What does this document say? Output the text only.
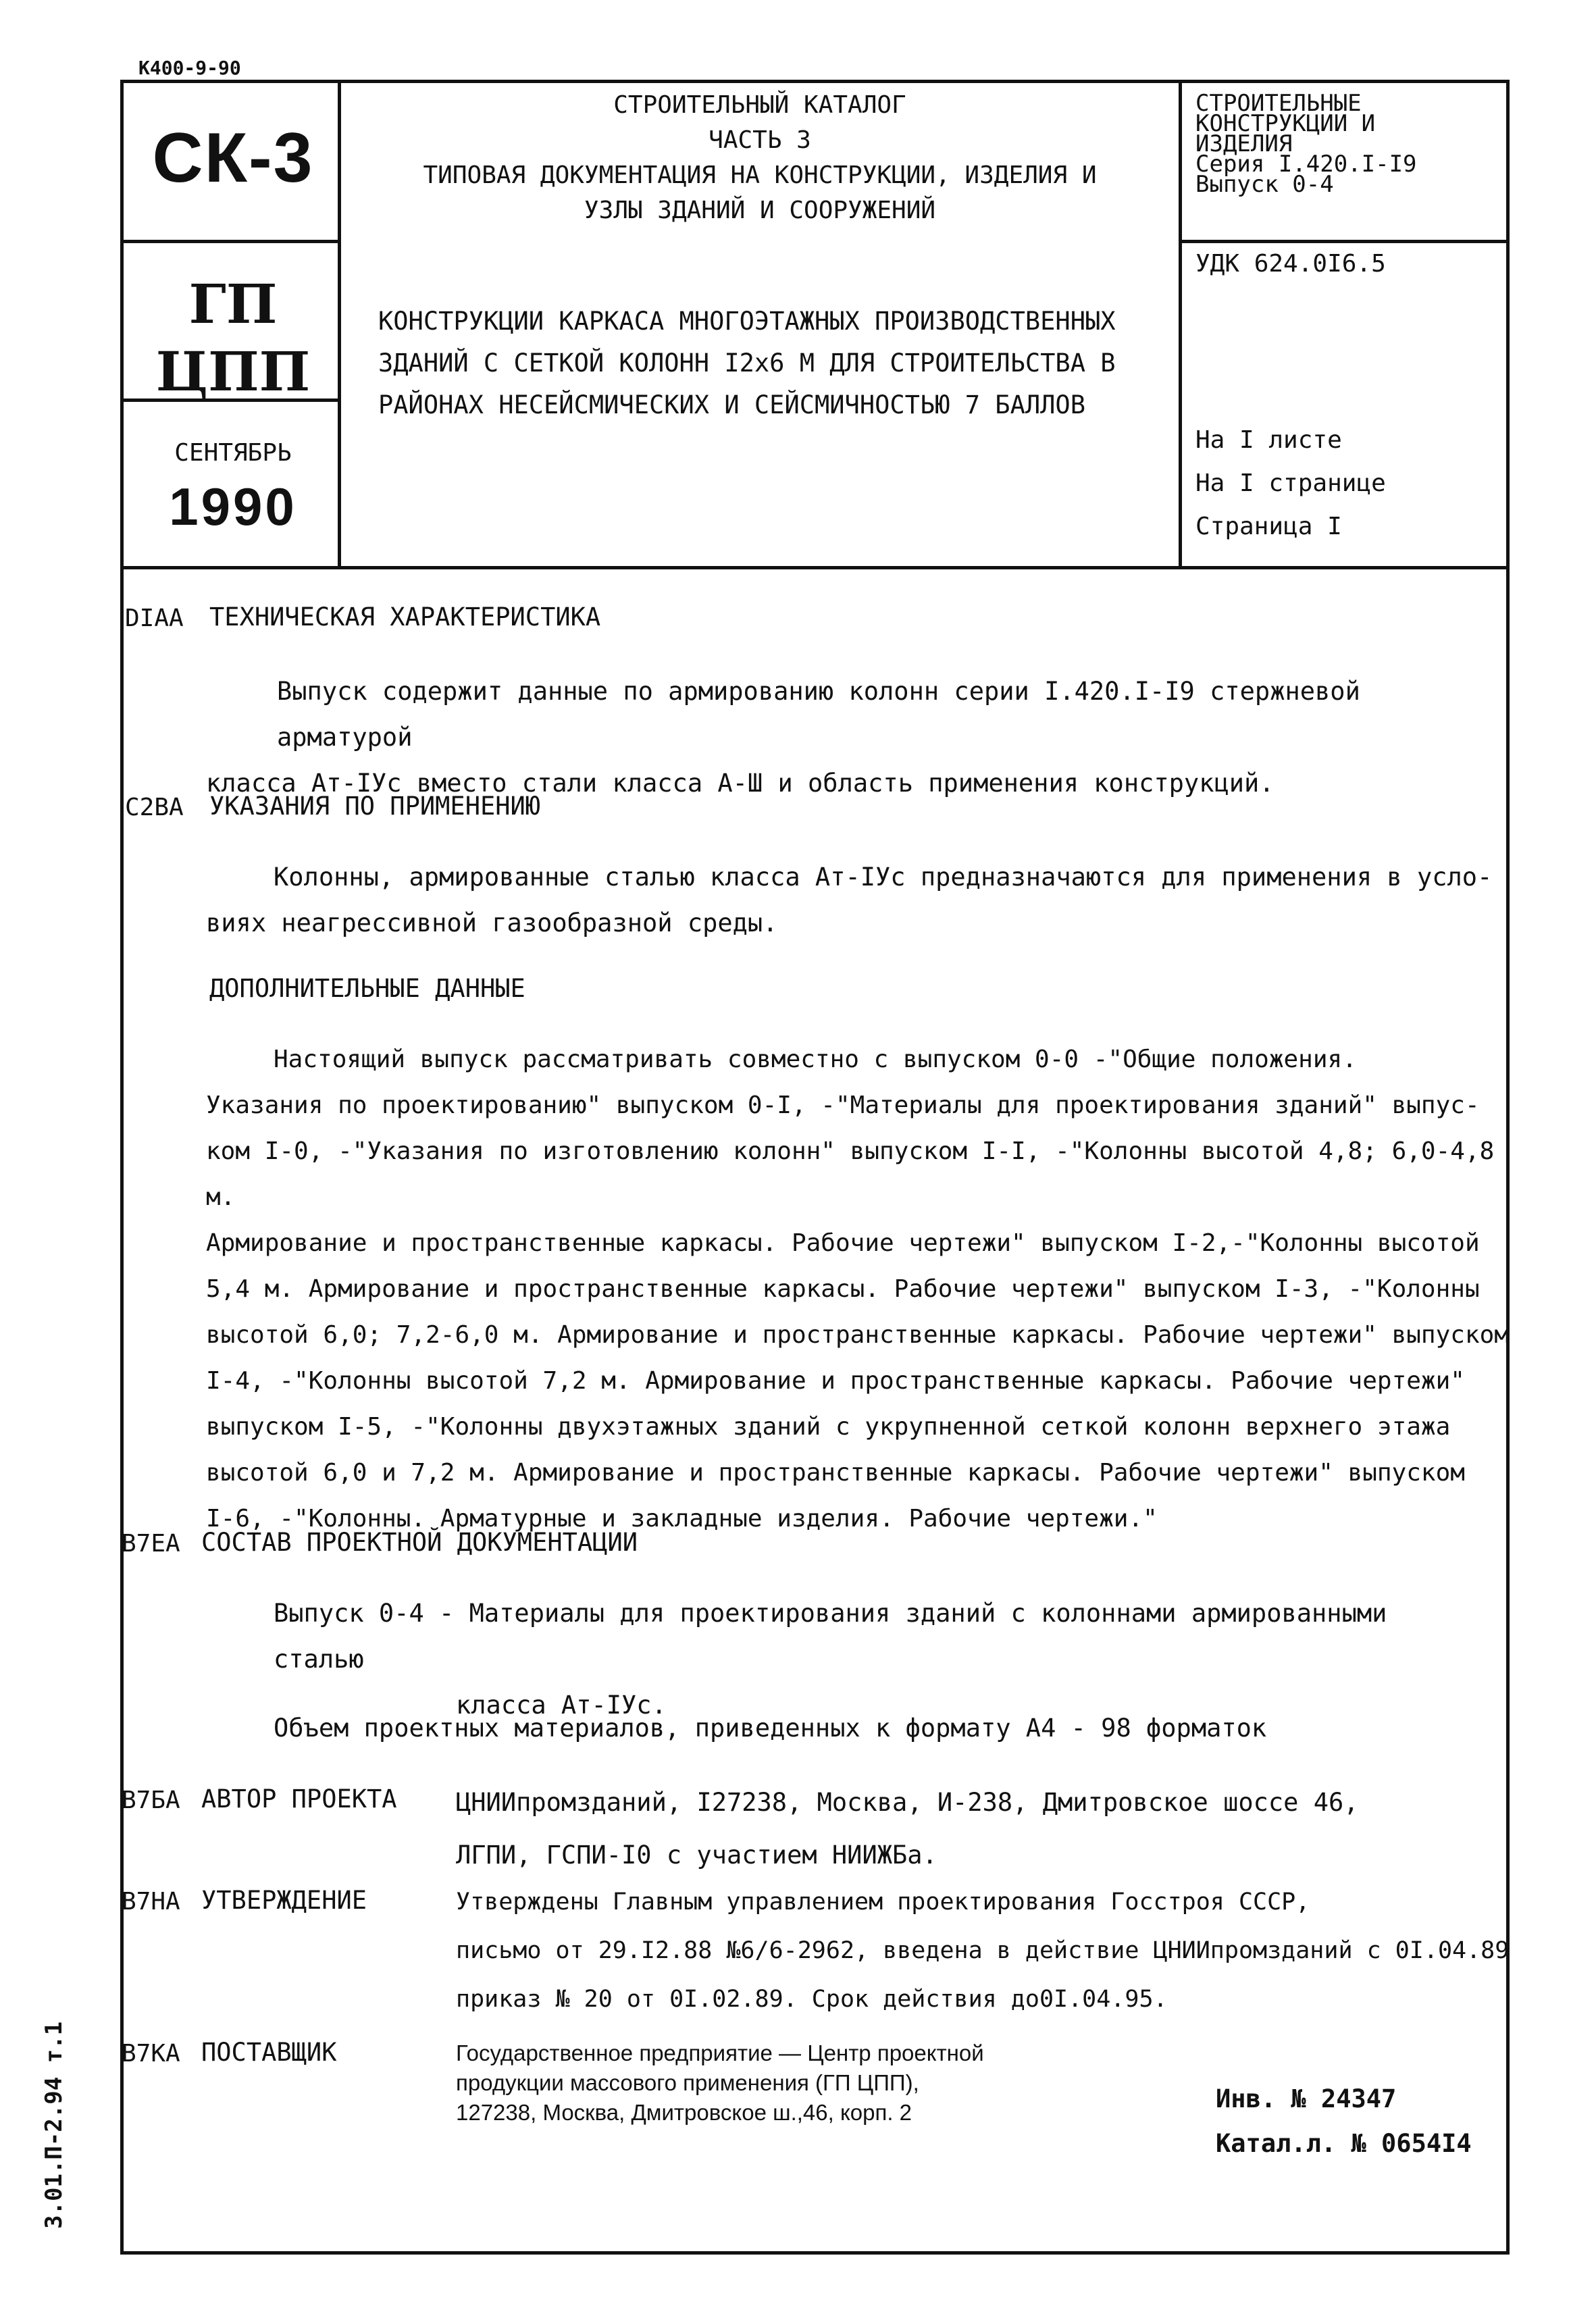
К400-9-90
3.01.П-2.94 т.1
СК-3
ГП
ЦПП
СЕНТЯБРЬ
1990
СТРОИТЕЛЬНЫЙ КАТАЛОГ
ЧАСТЬ 3
ТИПОВАЯ ДОКУМЕНТАЦИЯ НА КОНСТРУКЦИИ, ИЗДЕЛИЯ И
УЗЛЫ ЗДАНИЙ И СООРУЖЕНИЙ
КОНСТРУКЦИИ КАРКАСА МНОГОЭТАЖНЫХ ПРОИЗВОДСТВЕННЫХ
ЗДАНИЙ С СЕТКОЙ КОЛОНН I2х6 М ДЛЯ СТРОИТЕЛЬСТВА В
РАЙОНАХ НЕСЕЙСМИЧЕСКИХ И СЕЙСМИЧНОСТЬЮ 7 БАЛЛОВ
СТРОИТЕЛЬНЫЕ
КОНСТРУКЦИИ И
ИЗДЕЛИЯ
Серия I.420.I-I9
Выпуск 0-4
УДК 624.0I6.5
На I листе
На I странице
Страница I
DIAA ТЕХНИЧЕСКАЯ ХАРАКТЕРИСТИКА
Выпуск содержит данные по армированию колонн серии I.420.I-I9 стержневой арматурой
класса Ат-IУс вместо стали класса А-Ш и область применения конструкций.
C2BA УКАЗАНИЯ ПО ПРИМЕНЕНИЮ
Колонны, армированные сталью класса Ат-IУс предназначаются для применения в усло-
виях неагрессивной газообразной среды.
ДОПОЛНИТЕЛЬНЫЕ ДАННЫЕ
Настоящий выпуск рассматривать совместно с выпуском 0-0 -"Общие положения.
Указания по проектированию" выпуском 0-I, -"Материалы для проектирования зданий" выпус-
ком I-0, -"Указания по изготовлению колонн" выпуском I-I, -"Колонны высотой 4,8; 6,0-4,8 м.
Армирование и пространственные каркасы. Рабочие чертежи" выпуском I-2,-"Колонны высотой
5,4 м. Армирование и пространственные каркасы. Рабочие чертежи" выпуском I-3, -"Колонны
высотой 6,0; 7,2-6,0 м. Армирование и пространственные каркасы. Рабочие чертежи" выпуском
I-4, -"Колонны высотой 7,2 м. Армирование и пространственные каркасы. Рабочие чертежи"
выпуском I-5, -"Колонны двухэтажных зданий с укрупненной сеткой колонн верхнего этажа
высотой 6,0 и 7,2 м. Армирование и пространственные каркасы. Рабочие чертежи" выпуском
I-6, -"Колонны. Арматурные и закладные изделия. Рабочие чертежи."
B7EA СОСТАВ ПРОЕКТНОЙ ДОКУМЕНТАЦИИ
Выпуск 0-4 - Материалы для проектирования зданий с колоннами армированными сталью
класса Ат-IУс.
Объем проектных материалов, приведенных к формату А4 - 98 форматок
B7БA АВТОР ПРОЕКТА ЦНИИпромзданий, I27238, Москва, И-238, Дмитровское шоссе 46,
ЛГПИ, ГСПИ-I0 с участием НИИЖБа.
B7HA УТВЕРЖДЕНИЕ	Утверждены Главным управлением проектирования Госстроя СССР,
письмо от 29.I2.88 №6/6-2962, введена в действие ЦНИИпромзданий с 0I.04.89
приказ № 20 от 0I.02.89. Срок действия до0I.04.95.
B7KA ПОСТАВЩИК	Государственное предприятие — Центр проектной
продукции массового применения (ГП ЦПП),
127238, Москва, Дмитровское ш.,46, корп. 2	Инв. № 24347
Катал.л. № 0654I4
